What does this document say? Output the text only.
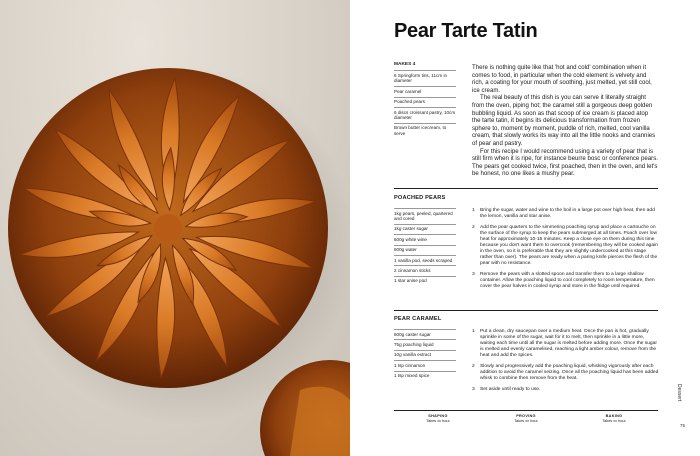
Pear Tarte Tatin
MAKES 4
6 Springform tins, 11cm in diameter
Pear caramel
Poached pears
6 discs croissant pastry, 10cm diameter
Brown butter icecream, to serve

There is nothing quite like that 'hot and cold' combination when it comes to food, in particular when the cold element is velvety and rich, a coating for your mouth of soothing, just melted, yet still cool, ice cream.

The real beauty of this dish is you can serve it literally straight from the oven, piping hot; the caramel still a gorgeous deep golden bubbling liquid. As soon as that scoop of ice cream is placed atop the tarte tatin, it begins its delicious transformation from frozen sphere to, moment by moment, puddle of rich, melted, cool vanilla cream, that slowly works its way into all the little nooks and crannies of pear and pastry.

For this recipe I would recommend using a variety of pear that is still firm when it is ripe, for instance beurre bosc or conference pears. The pears get cooked twice, first poached, then in the oven, and let's be honest, no one likes a mushy pear.

POACHED PEARS
1kg pears, peeled, quartered and cored
1kg caster sugar
600g white wine
600g water
1 vanilla pod, seeds scraped
2 cinnamon sticks
1 star anise pod
1	Bring the sugar, water and wine to the boil in a large pot over high heat, then add the lemon, vanilla and star anise.
2	Add the pear quarters to the simmering poaching syrup and place a cartouche on the surface of the syrup to keep the pears submerged at all times. Poach over low heat for approximately 10-15 minutes. Keep a close eye on them during this time because you don't want them to overcook (remembering they will be cooked again in the oven, so it is preferable that they are slightly undercooked at this stage rather than over). The pears are ready when a paring knife pierces the flesh of the pear with no resistance.
3	Remove the pears with a slotted spoon and transfer them to a large shallow container. Allow the poaching liquid to cool completely to room temperature, then cover the pear halves in cooled syrup and store in the fridge until required.
PEAR CARAMEL
600g caster sugar
75g poaching liquid
10g vanilla extract
1 tsp cinnamon
1 tsp mixed spice
1	Put a clean, dry saucepan over a medium heat. Once the pan is hot, gradually sprinkle in some of the sugar, wait for it to melt, then sprinkle in a little more, waiting each time until all the sugar is melted before adding more. Once the sugar is melted and evenly caramelised, reaching a light amber colour, remove from the heat and add the spices.
2	Slowly and progressively add the poaching liquid, whisking vigorously after each addition to avoid the caramel seizing. Once all the poaching liquid has been added whisk to combine then remove from the heat.
3	Set aside until ready to use.
SHAPING
Takes xx hour
PROVING
Takes xx hour
BAKING
Takes xx hour
Dessert
75
